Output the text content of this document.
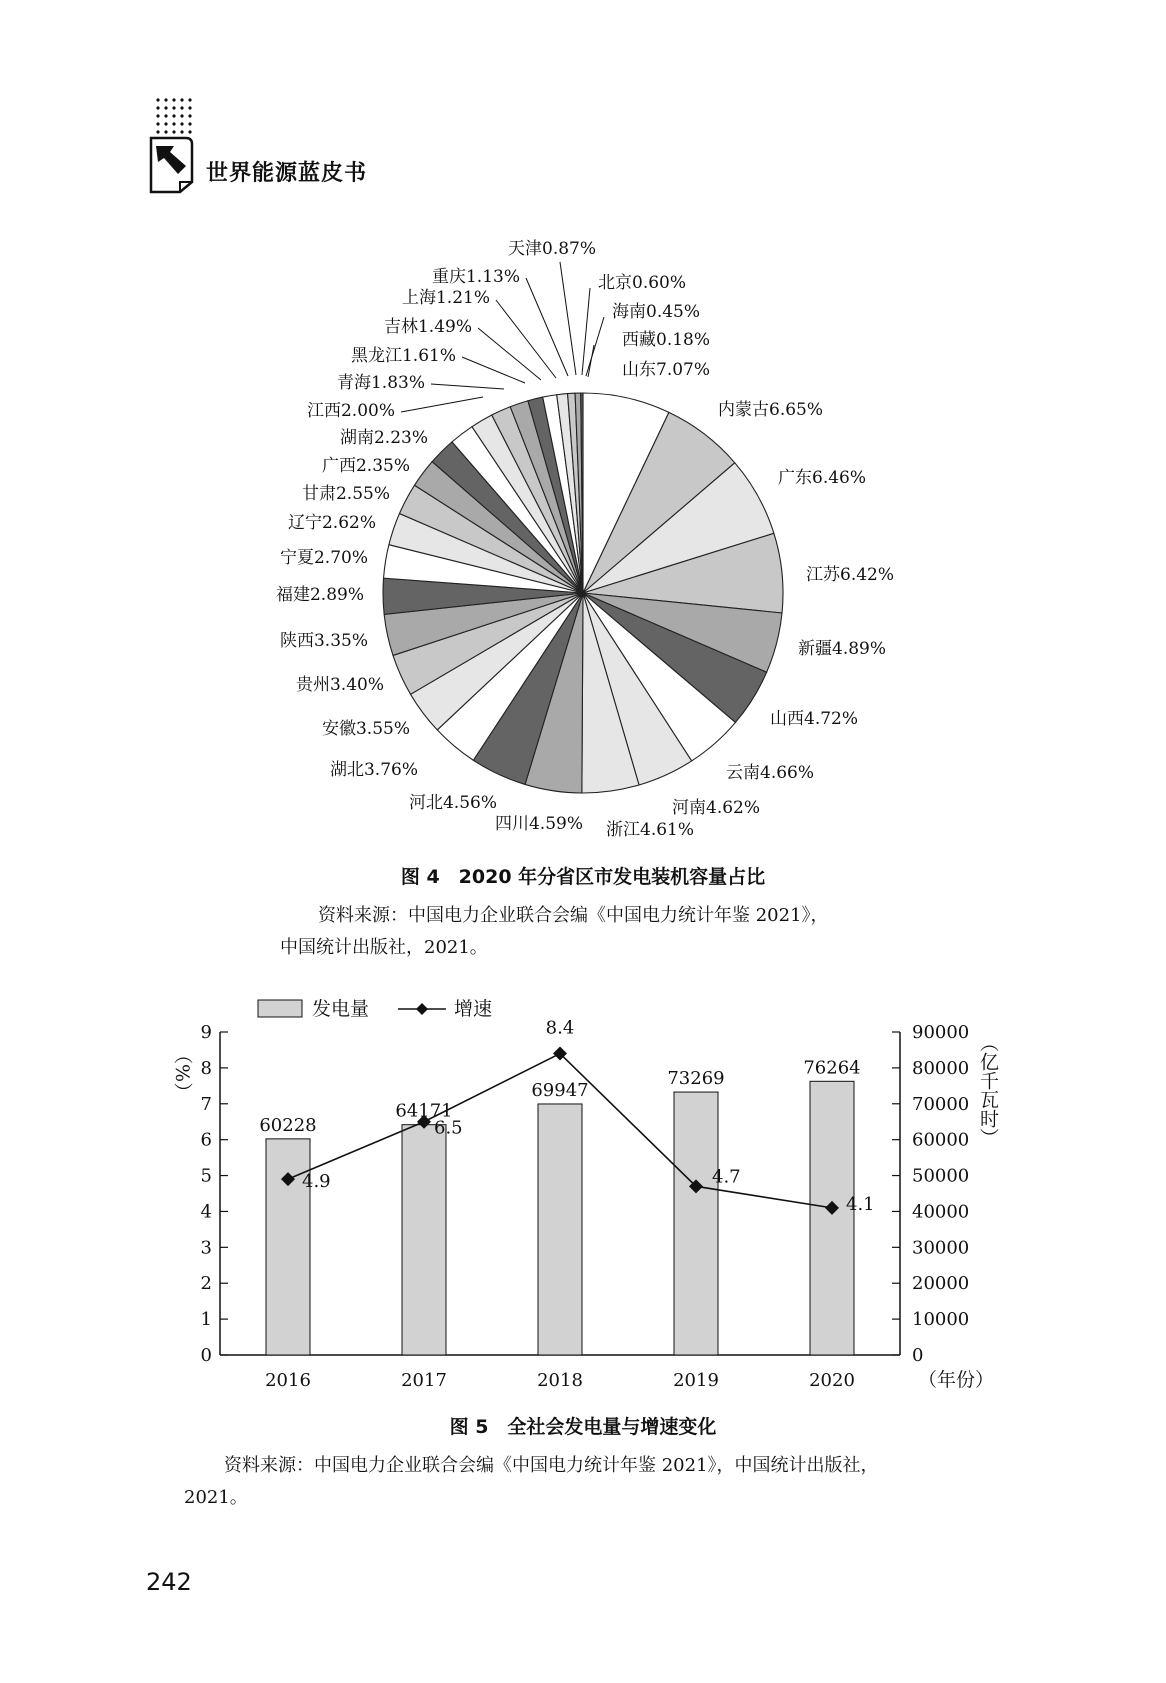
世界能源蓝皮书
山东7.07%
内蒙古6.65%
广东6.46%
江苏6.42%
新疆4.89%
山西4.72%
云南4.66%
河南4.62%
浙江4.61%
四川4.59%
河北4.56%
湖北3.76%
安徽3.55%
贵州3.40%
陕西3.35%
福建2.89%
宁夏2.70%
辽宁2.62%
甘肃2.55%
广西2.35%
湖南2.23%
江西2.00%
青海1.83%
黑龙江1.61%
吉林1.49%
上海1.21%
重庆1.13%
天津0.87%
北京0.60%
海南0.45%
西藏0.18%
图 4　2020 年分省区市发电装机容量占比
资料来源：中国电力企业联合会编《中国电力统计年鉴 2021》，
中国统计出版社，2021。
发电量	增速
0
1
2
3
4
5
6
7
8
9
0
10000
20000
30000
40000
50000
60000
70000
80000
90000
（%）	（亿千瓦时）
（年份）
60228
64171
69947
73269
76264
2016	2017	2018	2019	2020
4.9
6.5
8.4
4.7
4.1
图 5　全社会发电量与增速变化
资料来源：中国电力企业联合会编《中国电力统计年鉴 2021》，中国统计出版社，
2021。
242
